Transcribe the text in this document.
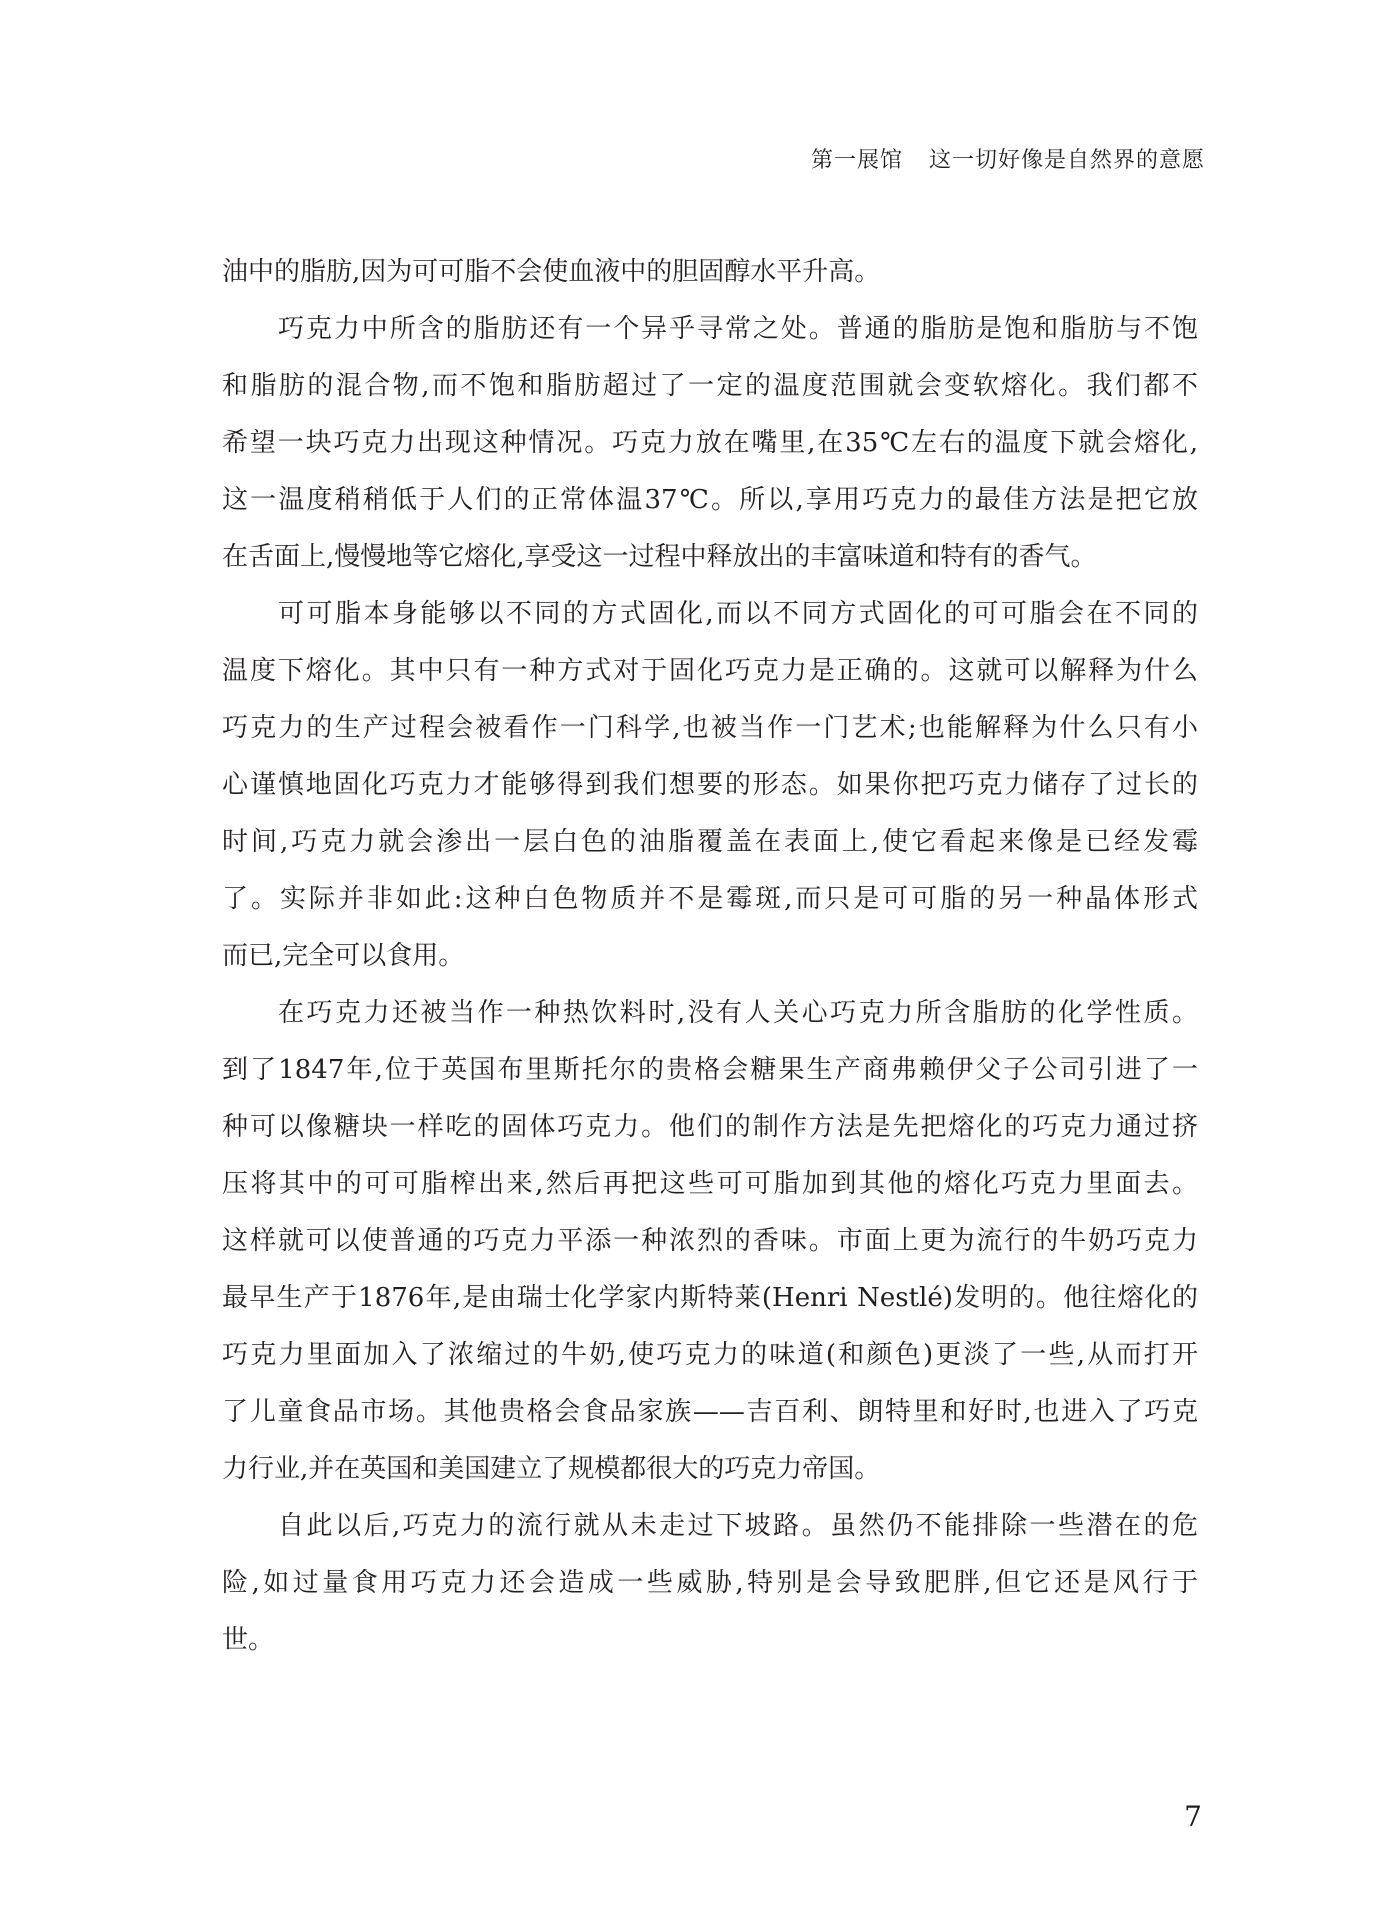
第一展馆 这一切好像是自然界的意愿
油中的脂肪,因为可可脂不会使血液中的胆固醇水平升高。
巧克力中所含的脂肪还有一个异乎寻常之处。普通的脂肪是饱和脂肪与不饱
和脂肪的混合物,而不饱和脂肪超过了一定的温度范围就会变软熔化。我们都不
希望一块巧克力出现这种情况。巧克力放在嘴里,在35℃左右的温度下就会熔化,
这一温度稍稍低于人们的正常体温37℃。所以,享用巧克力的最佳方法是把它放
在舌面上,慢慢地等它熔化,享受这一过程中释放出的丰富味道和特有的香气。
可可脂本身能够以不同的方式固化,而以不同方式固化的可可脂会在不同的
温度下熔化。其中只有一种方式对于固化巧克力是正确的。这就可以解释为什么
巧克力的生产过程会被看作一门科学,也被当作一门艺术;也能解释为什么只有小
心谨慎地固化巧克力才能够得到我们想要的形态。如果你把巧克力储存了过长的
时间,巧克力就会渗出一层白色的油脂覆盖在表面上,使它看起来像是已经发霉
了。实际并非如此:这种白色物质并不是霉斑,而只是可可脂的另一种晶体形式
而已,完全可以食用。
在巧克力还被当作一种热饮料时,没有人关心巧克力所含脂肪的化学性质。
到了1847年,位于英国布里斯托尔的贵格会糖果生产商弗赖伊父子公司引进了一
种可以像糖块一样吃的固体巧克力。他们的制作方法是先把熔化的巧克力通过挤
压将其中的可可脂榨出来,然后再把这些可可脂加到其他的熔化巧克力里面去。
这样就可以使普通的巧克力平添一种浓烈的香味。市面上更为流行的牛奶巧克力
最早生产于1876年,是由瑞士化学家内斯特莱(Henri Nestlé)发明的。他往熔化的
巧克力里面加入了浓缩过的牛奶,使巧克力的味道(和颜色)更淡了一些,从而打开
了儿童食品市场。其他贵格会食品家族——吉百利、朗特里和好时,也进入了巧克
力行业,并在英国和美国建立了规模都很大的巧克力帝国。
自此以后,巧克力的流行就从未走过下坡路。虽然仍不能排除一些潜在的危
险,如过量食用巧克力还会造成一些威胁,特别是会导致肥胖,但它还是风行于
世。
7
